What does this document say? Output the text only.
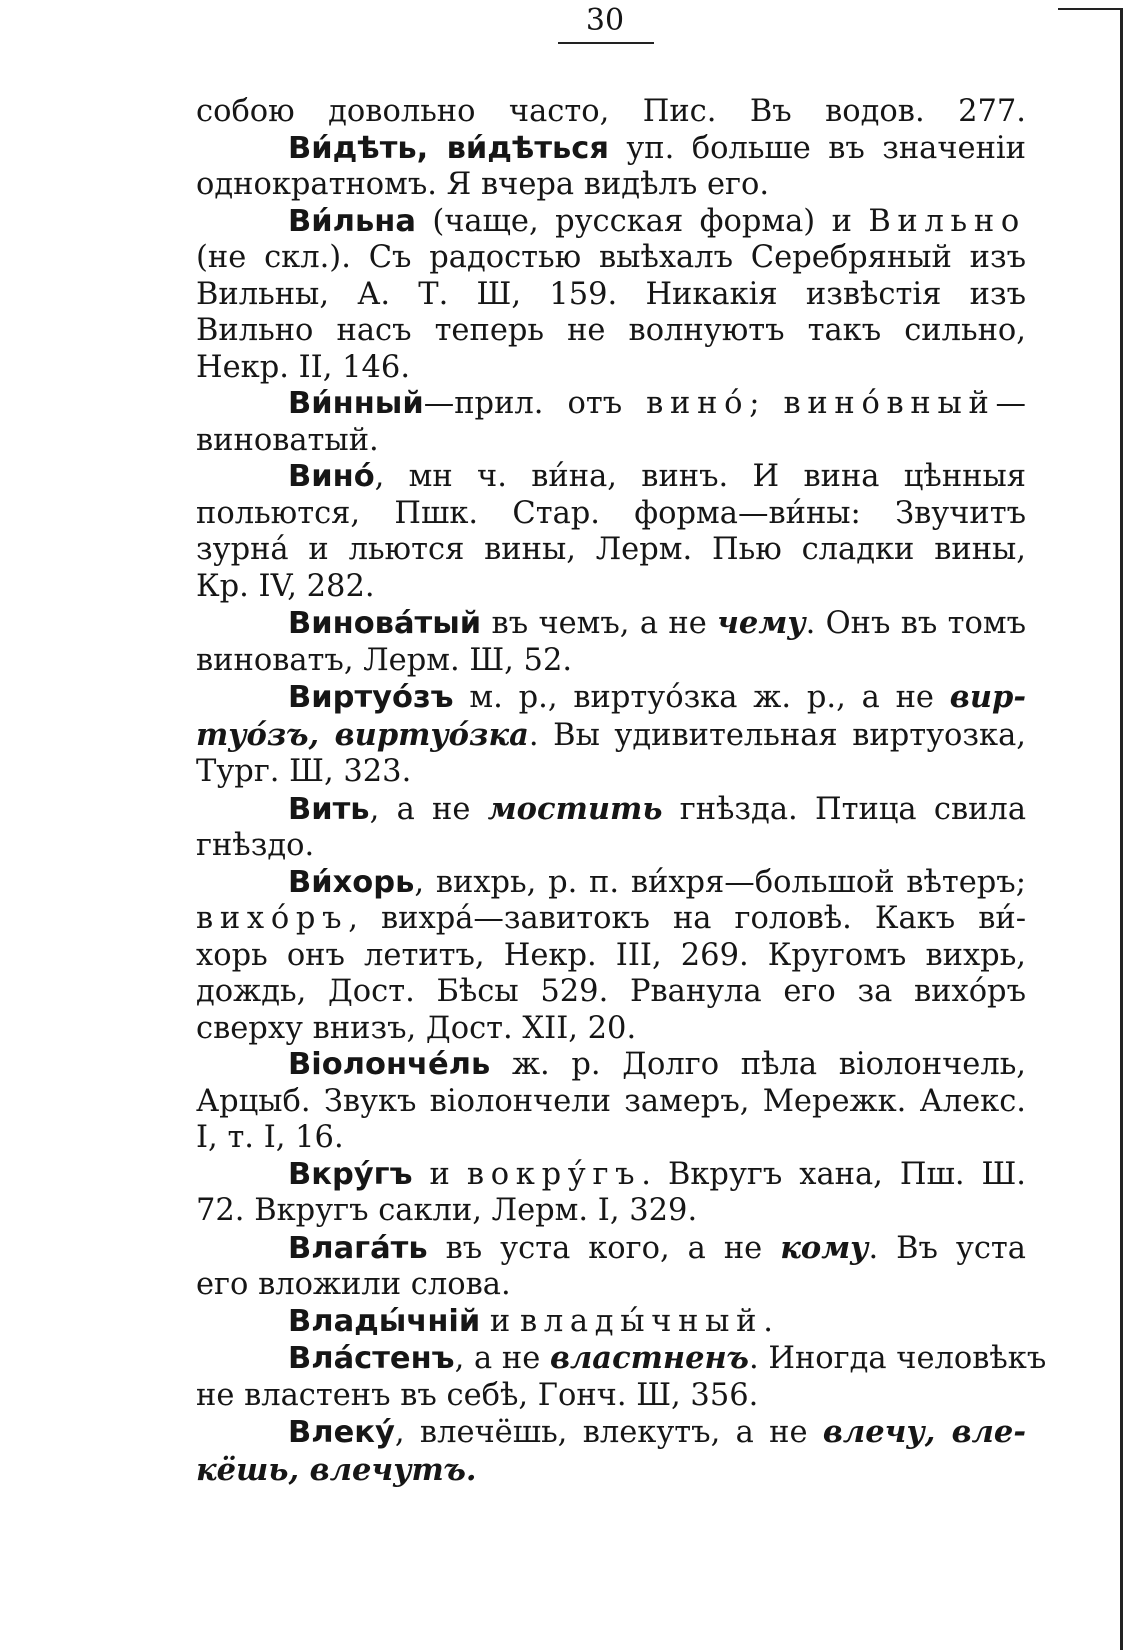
30
собою довольно часто, Пис. Въ водов. 277.
Ви́дѣть, ви́дѣться уп. больше въ значенiи
однократномъ. Я вчера видѣлъ его.
Ви́льна (чаще, русская форма) и Вильно
(не скл.). Съ радостью выѣхалъ Серебряный изъ
Вильны, А. Т. Ш, 159. Никакiя извѣстiя изъ
Вильно насъ теперь не волнуютъ такъ сильно,
Некр. II, 146.
Ви́нный—прил. отъ вино́; вино́вный—
виноватый.
Вино́, мн ч. ви́на, винъ. И вина цѣнныя
польются, Пшк. Стар. форма—ви́ны: Звучитъ
зурна́ и льются вины, Лерм. Пью сладки вины,
Кр. IV, 282.
Винова́тый въ чемъ, а не чему. Онъ въ томъ
виноватъ, Лерм. Ш, 52.
Виртуо́зъ м. р., виртуо́зка ж. р., а не вир-
туо́зъ, виртуо́зка. Вы удивительная виртуозка,
Тург. Ш, 323.
Вить, а не мостить гнѣзда. Птица свила
гнѣздо.
Ви́хорь, вихрь, р. п. ви́хря—большой вѣтеръ;
вихо́ръ, вихра́—завитокъ на головѣ. Какъ ви́-
хорь онъ летитъ, Некр. III, 269. Кругомъ вихрь,
дождь, Дост. Бѣсы 529. Рванула его за вихо́ръ
сверху внизъ, Дост. XII, 20.
Вiолонче́ль ж. р. Долго пѣла вiолончель,
Арцыб. Звукъ вiолончели замеръ, Мережк. Алекс.
I, т. I, 16.
Вкру́гъ и вокру́гъ. Вкругъ хана, Пш. Ш.
72. Вкругъ сакли, Лерм. I, 329.
Влага́ть въ уста кого, а не кому. Въ уста
его вложили слова.
Влады́чнiй и влады́чный.
Вла́стенъ, а не властненъ. Иногда человѣкъ
не властенъ въ себѣ, Гонч. Ш, 356.
Влеку́, влечёшь, влекутъ, а не влечу, вле-
кёшь, влечутъ.
